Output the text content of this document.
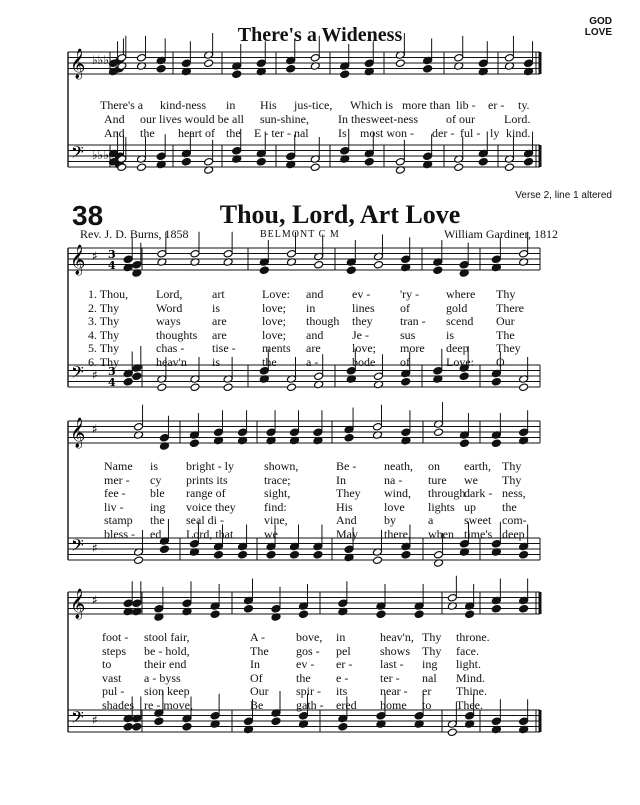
GOD
LOVE
There's a Wideness
𝄞
𝄢
♭♭♭
♭♭♭
𝄞
𝄢
♯
♯
3
4
3
4
𝄞
𝄢
♯
♯
𝄞
𝄢
♯
♯
There's a kind-ness in His jus-tice, Which is more than lib - er - ty.
And our lives would be all sun-shine, In the sweet-ness of our Lord.
And the heart of the E - ter - nal Is most won - der - ful - ly kind.
Verse 2, line 1 altered
38	Thou, Lord, Art Love
Rev. J. D. Burns, 1858	BELMONT C M	William Gardiner, 1812
1. Thou, Lord, art	Love: and ev - 'ry - where Thy
2. Thy	Word is	love; in	lines of	gold There
3. Thy	ways	are	love; though they tran - scend Our
4. Thy	thoughts are	love; and Je -	sus	is	The
5. Thy	chas - tise - ments are	love; more deep They
6. Thy	heav'n is	the a -	bode of	Love: O
Name is bright - ly	shown,	Be - neath, on earth, Thy
mer - cy prints its	trace;	In	na - ture we Thy
fee - ble range of	sight,	They wind, through
dark - ness,
liv - ing voice they find:	His	love lights up the
stamp the seal di -	vine,	And by	a	sweet com-
bless - ed Lord, that	we	May there, when time's deep
foot - stool fair,	A -	bove, in	heav'n, Thy throne.
steps be - hold,	The gos - pel shows Thy face.
to	their end	In	ev - er - last - ing light.
vast a - byss	Of	the e -	ter - nal Mind.
pul - sion keep	Our spir - its	near - er Thine.
shades re - move,	Be	gath - ered home to Thee.
